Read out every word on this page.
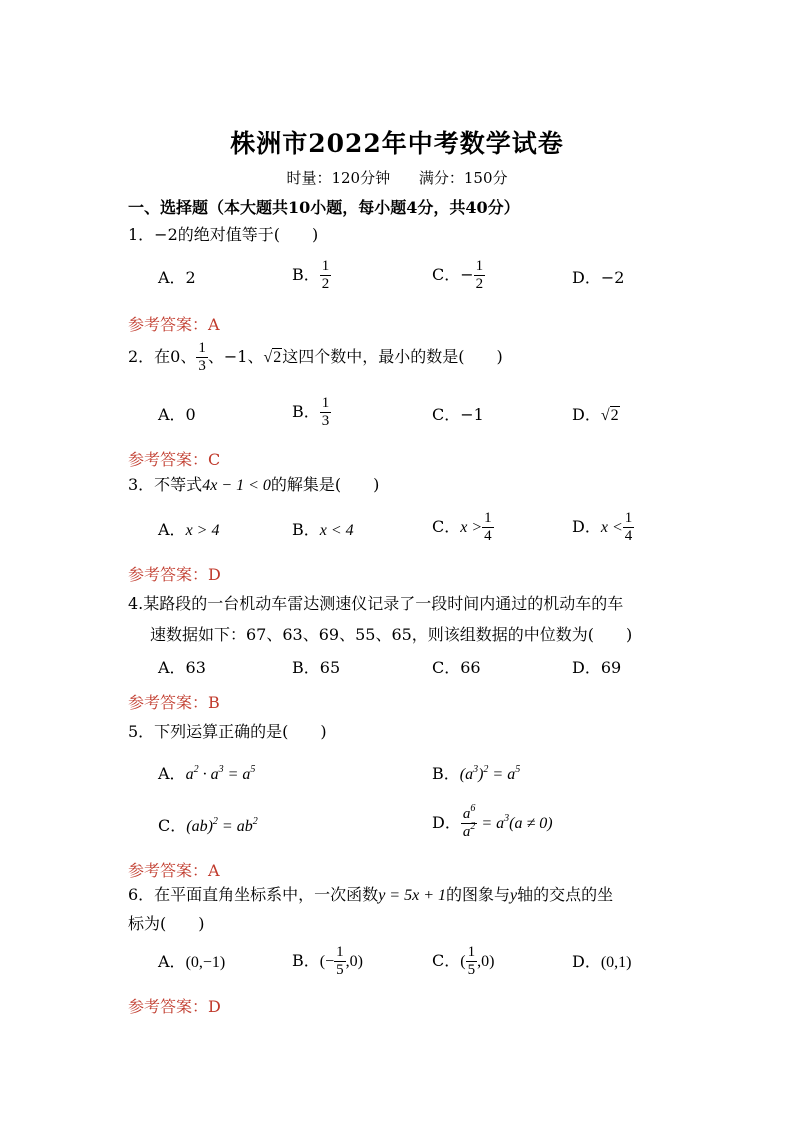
株洲市2022年中考数学试卷
时量：120分钟 满分：150分
一、选择题（本大题共10小题，每小题4分，共40分）
1．−2的绝对值等于(　　)
A．2	B． $\frac{1}{2}$	C．− $\frac{1}{2}$	D．−2
参考答案：A
2．在0、 $\frac{1}{3}$ 、−1、√2这四个数中，最小的数是(　　)
A．0	B． $\frac{1}{3}$	C．−1	D．√2
参考答案：C
3．不等式4x − 1 < 0的解集是(　　)
A．x > 4	B．x < 4	C．$x > \frac{1}{4}$	D．$x < \frac{1}{4}$
参考答案：D
4.某路段的一台机动车雷达测速仪记录了一段时间内通过的机动车的车
速数据如下：67、63、69、55、65，则该组数据的中位数为(　　)
A．63	B．65	C．66	D．69
参考答案：B
5．下列运算正确的是(　　)
A．$a^2 \cdot a^3 = a^5$	B．$(a^3)^2 = a^5$
C．$(ab)^2 = ab^2$	D． $\frac{a^6}{a^2} = a^3(a \ne 0)$
参考答案：A
6．在平面直角坐标系中，一次函数y = 5x + 1的图象与y轴的交点的坐
标为(　　)
A．(0,−1)	B．(− $\frac{1}{5} ,0$)	C．( $\frac{1}{5} ,0$)	D．(0,1)
参考答案：D
